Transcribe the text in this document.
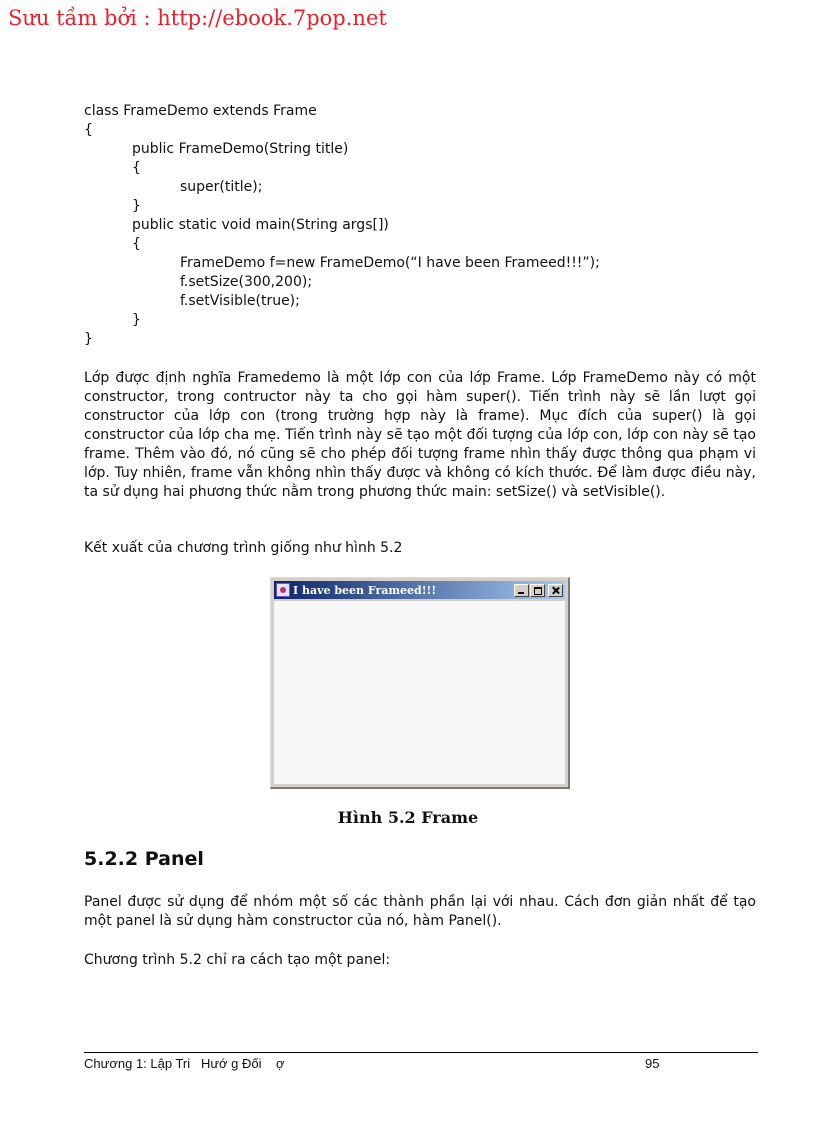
Sưu tầm bởi : http://ebook.7pop.net
class FrameDemo extends Frame
{
public FrameDemo(String title)
{
super(title);
}
public static void main(String args[])
{
FrameDemo f=new FrameDemo(“I have been Frameed!!!”);
f.setSize(300,200);
f.setVisible(true);
}
}

Lớp được định nghĩa Framedemo là một lớp con của lớp Frame. Lớp FrameDemo này có một constructor, trong contructor này ta cho gọi hàm super(). Tiến trình này sẽ lần lượt gọi constructor của lớp con (trong trường hợp này là frame). Mục đích của super() là gọi constructor của lớp cha mẹ. Tiến trình này sẽ tạo một đối tượng của lớp con, lớp con này sẽ tạo frame. Thêm vào đó, nó cũng sẽ cho phép đối tượng frame nhìn thấy được thông qua phạm vi lớp. Tuy nhiên, frame vẫn không nhìn thấy được và không có kích thước. Để làm được điều này, ta sử dụng hai phương thức nằm trong phương thức main: setSize() và setVisible().

Kết xuất của chương trình giống như hình 5.2

I have been Frameed!!!
Hình 5.2 Frame
5.2.2 Panel

Panel được sử dụng để nhóm một số các thành phần lại với nhau. Cách đơn giản nhất để tạo một panel là sử dụng hàm constructor của nó, hàm Panel().

Chương trình 5.2 chỉ ra cách tạo một panel:

Chương 1: Lập Tri   Hướ g Đối    ợ	95
